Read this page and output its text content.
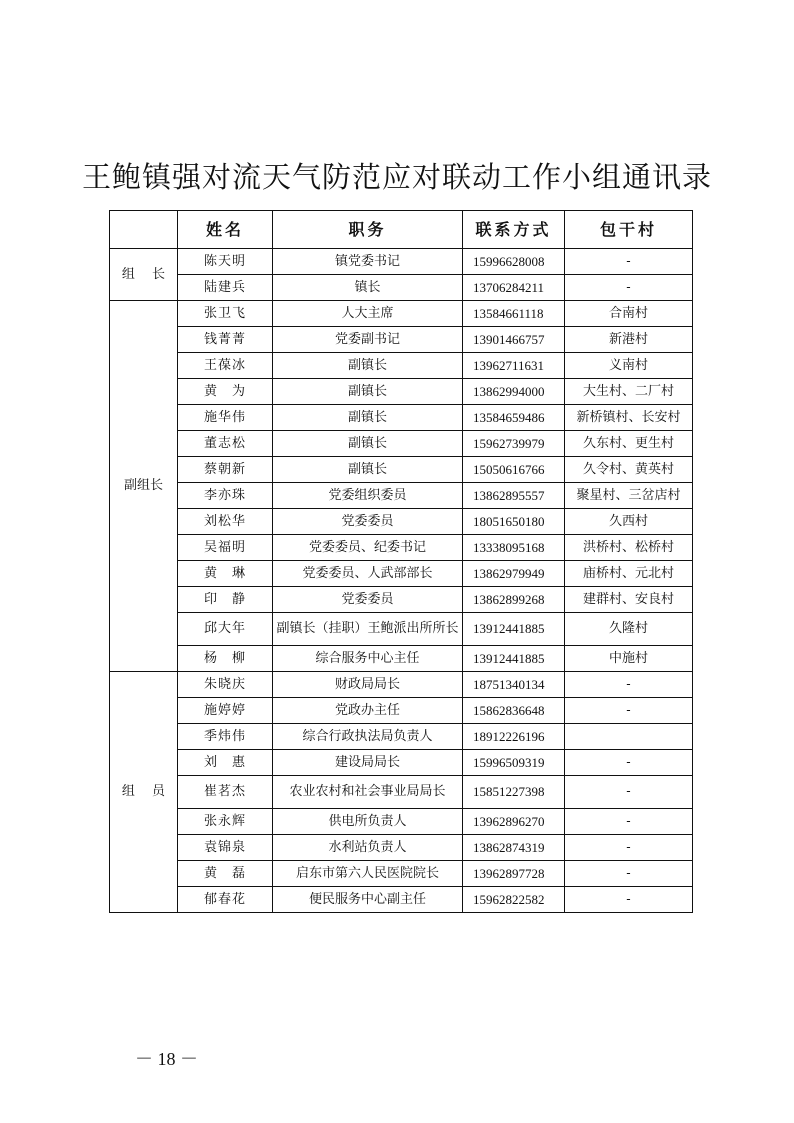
王鲍镇强对流天气防范应对联动工作小组通讯录
	姓名	职务	联系方式	包干村
组　 长	陈天明	镇党委书记	15996628008	-
	陆建兵	镇长	13706284211	-
副组长	张卫飞	人大主席	13584661118	合南村
	钱菁菁	党委副书记	13901466757	新港村
	王葆冰	副镇长	13962711631	义南村
	黄　为	副镇长	13862994000	大生村、二厂村
	施华伟	副镇长	13584659486	新桥镇村、长安村
	董志松	副镇长	15962739979	久东村、更生村
	蔡朝新	副镇长	15050616766	久令村、黄英村
	李亦珠	党委组织委员	13862895557	聚星村、三岔店村
	刘松华	党委委员	18051650180	久西村
	吴福明	党委委员、纪委书记	13338095168	洪桥村、松桥村
	黄　琳	党委委员、人武部部长	13862979949	庙桥村、元北村
	印　静	党委委员	13862899268	建群村、安良村
	邱大年	副镇长（挂职）王鲍派出所所长	13912441885	久隆村
	杨　柳	综合服务中心主任	13912441885	中施村
组　 员	朱晓庆	财政局局长	18751340134	-
	施婷婷	党政办主任	15862836648	-
	季炜伟	综合行政执法局负责人	18912226196	
	刘　惠	建设局局长	15996509319	-
	崔茗杰	农业农村和社会事业局局长	15851227398	-
	张永辉	供电所负责人	13962896270	-
	袁锦泉	水利站负责人	13862874319	-
	黄　磊	启东市第六人民医院院长	13962897728	-
	郁春花	便民服务中心副主任	15962822582	-
－ 18 －
